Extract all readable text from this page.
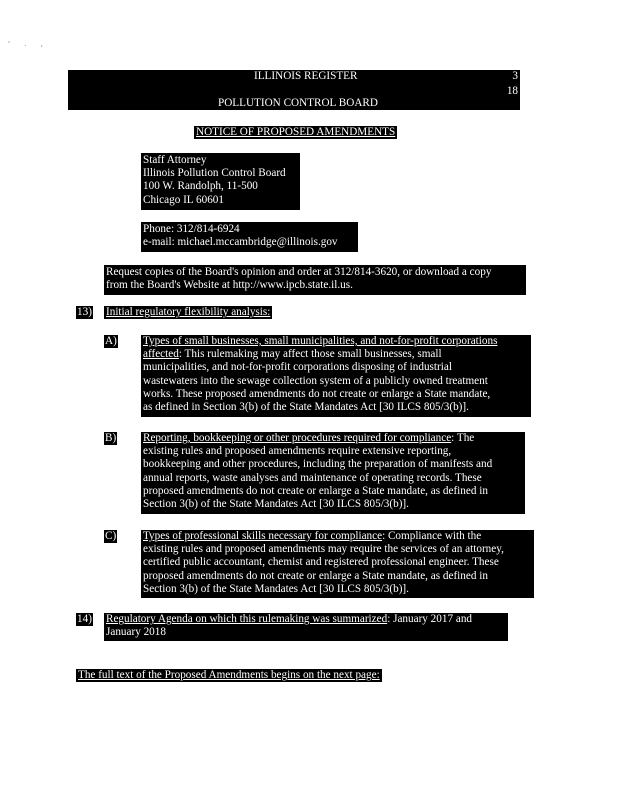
' . ,
ILLINOIS REGISTER	3
18
POLLUTION CONTROL BOARD
NOTICE OF PROPOSED AMENDMENTS
Staff Attorney
Illinois Pollution Control Board
100 W. Randolph, 11-500
Chicago IL 60601
Phone: 312/814-6924
e-mail: michael.mccambridge@illinois.gov
Request copies of the Board's opinion and order at 312/814-3620, or download a copy
from the Board's Website at http://www.ipcb.state.il.us.
13) Initial regulatory flexibility analysis:
A) Types of small businesses, small municipalities, and not-for-profit corporations
affected: This rulemaking may affect those small businesses, small
municipalities, and not-for-profit corporations disposing of industrial
wastewaters into the sewage collection system of a publicly owned treatment
works. These proposed amendments do not create or enlarge a State mandate,
as defined in Section 3(b) of the State Mandates Act [30 ILCS 805/3(b)].
B) Reporting, bookkeeping or other procedures required for compliance: The
existing rules and proposed amendments require extensive reporting,
bookkeeping and other procedures, including the preparation of manifests and
annual reports, waste analyses and maintenance of operating records. These
proposed amendments do not create or enlarge a State mandate, as defined in
Section 3(b) of the State Mandates Act [30 ILCS 805/3(b)].
C) Types of professional skills necessary for compliance: Compliance with the
existing rules and proposed amendments may require the services of an attorney,
certified public accountant, chemist and registered professional engineer. These
proposed amendments do not create or enlarge a State mandate, as defined in
Section 3(b) of the State Mandates Act [30 ILCS 805/3(b)].
14) Regulatory Agenda on which this rulemaking was summarized: January 2017 and
January 2018
The full text of the Proposed Amendments begins on the next page:
